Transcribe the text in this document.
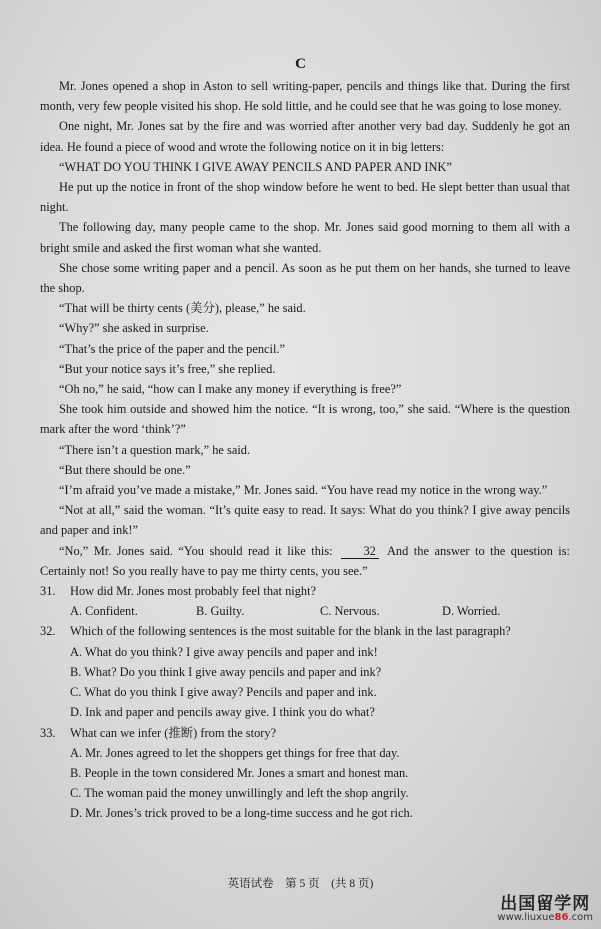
C

Mr. Jones opened a shop in Aston to sell writing-paper, pencils and things like that. During the first month, very few people visited his shop. He sold little, and he could see that he was going to lose money.

One night, Mr. Jones sat by the fire and was worried after another very bad day. Suddenly he got an idea. He found a piece of wood and wrote the following notice on it in big letters:

“WHAT DO YOU THINK I GIVE AWAY PENCILS AND PAPER AND INK”

He put up the notice in front of the shop window before he went to bed. He slept better than usual that night.

The following day, many people came to the shop. Mr. Jones said good morning to them all with a bright smile and asked the first woman what she wanted.

She chose some writing paper and a pencil. As soon as he put them on her hands, she turned to leave the shop.

“That will be thirty cents (美分), please,” he said.

“Why?” she asked in surprise.

“That’s the price of the paper and the pencil.”

“But your notice says it’s free,” she replied.

“Oh no,” he said, “how can I make any money if everything is free?”

She took him outside and showed him the notice. “It is wrong, too,” she said. “Where is the question mark after the word ‘think’?”

“There isn’t a question mark,” he said.

“But there should be one.”

“I’m afraid you’ve made a mistake,” Mr. Jones said. “You have read my notice in the wrong way.”

“Not at all,” said the woman. “It’s quite easy to read. It says: What do you think? I give away pencils and paper and ink!”

“No,” Mr. Jones said. “You should read it like this: 32 And the answer to the question is: Certainly not! So you really have to pay me thirty cents, you see.”

31.	How did Mr. Jones most probably feel that night?
A. Confident.	B. Guilty.	C. Nervous.	D. Worried.
32.	Which of the following sentences is the most suitable for the blank in the last paragraph?

A. What do you think? I give away pencils and paper and ink!

B. What? Do you think I give away pencils and paper and ink?

C. What do you think I give away? Pencils and paper and ink.

D. Ink and paper and pencils away give. I think you do what?

33.	What can we infer (推断) from the story?

A. Mr. Jones agreed to let the shoppers get things for free that day.

B. People in the town considered Mr. Jones a smart and honest man.

C. The woman paid the money unwillingly and left the shop angrily.

D. Mr. Jones’s trick proved to be a long-time success and he got rich.

英语试卷　第 5 页　(共 8 页)
出国留学网
www.liuxue86.com
